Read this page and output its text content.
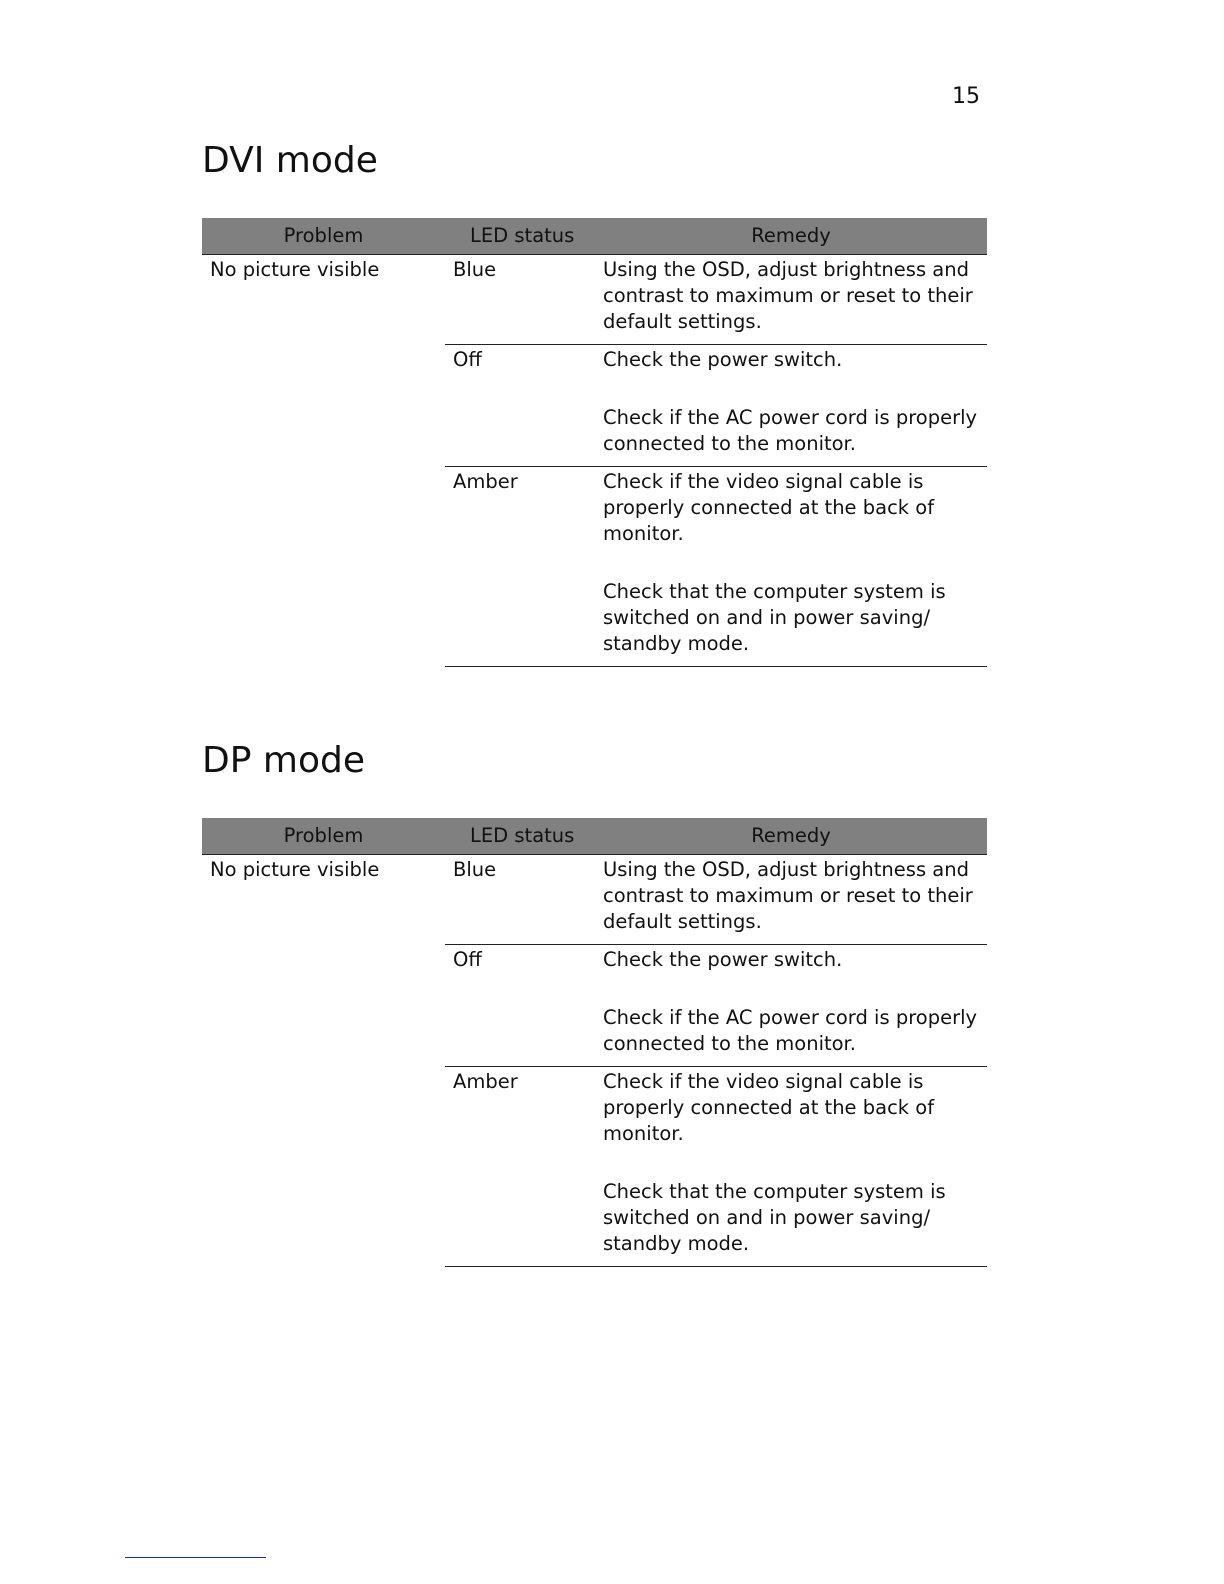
15
DVI mode
Problem	LED status	Remedy
No picture visible	Blue	Using the OSD, adjust brightness and contrast to maximum or reset to their default settings.

	Off	Check the power switch.

Check if the AC power cord is properly connected to the monitor.

	Amber	Check if the video signal cable is properly connected at the back of monitor.

Check that the computer system is switched on and in power saving/ standby mode.

DP mode
Problem	LED status	Remedy
No picture visible	Blue	Using the OSD, adjust brightness and contrast to maximum or reset to their default settings.

	Off	Check the power switch.

Check if the AC power cord is properly connected to the monitor.

	Amber	Check if the video signal cable is properly connected at the back of monitor.

Check that the computer system is switched on and in power saving/ standby mode.
